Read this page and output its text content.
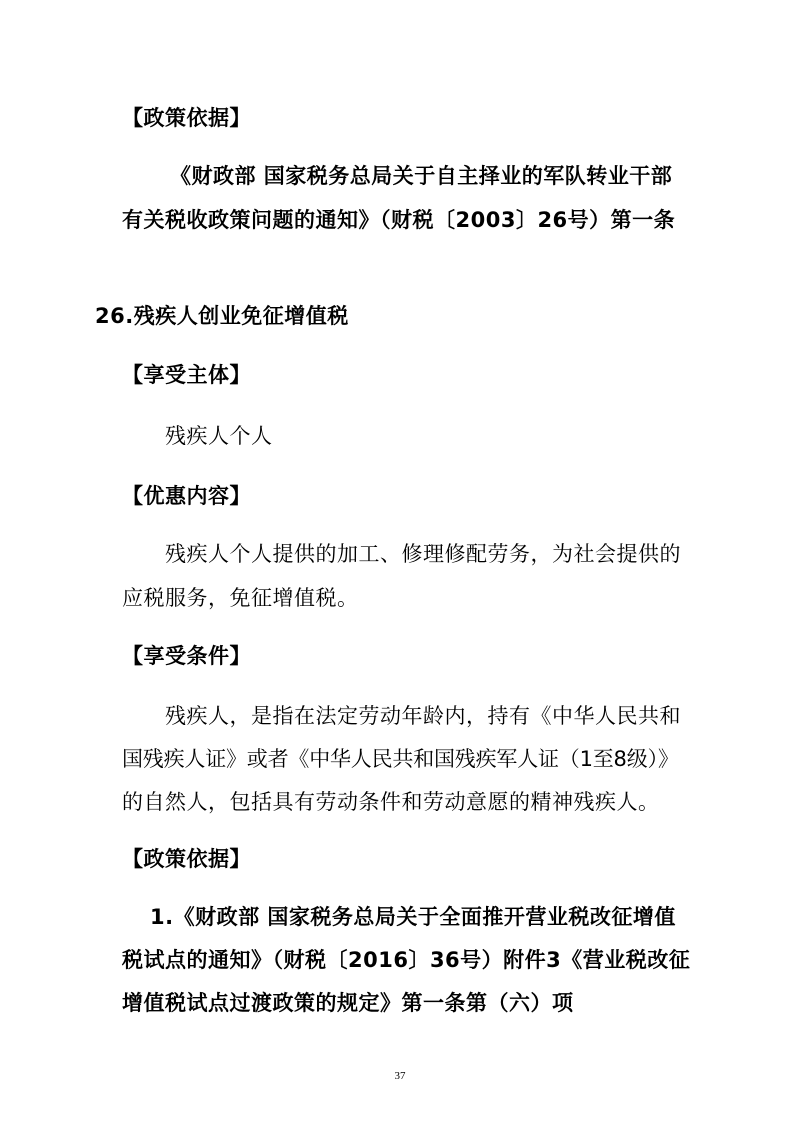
【政策依据】
《财政部 国家税务总局关于自主择业的军队转业干部
有关税收政策问题的通知》（财税〔2003〕26号）第一条
26.残疾人创业免征增值税
【享受主体】
残疾人个人
【优惠内容】
残疾人个人提供的加工、修理修配劳务，为社会提供的
应税服务，免征增值税。
【享受条件】
残疾人，是指在法定劳动年龄内，持有《中华人民共和
国残疾人证》或者《中华人民共和国残疾军人证（1至8级）》
的自然人，包括具有劳动条件和劳动意愿的精神残疾人。
【政策依据】
1.《财政部 国家税务总局关于全面推开营业税改征增值
税试点的通知》（财税〔2016〕36号）附件3《营业税改征
增值税试点过渡政策的规定》第一条第（六）项
37
